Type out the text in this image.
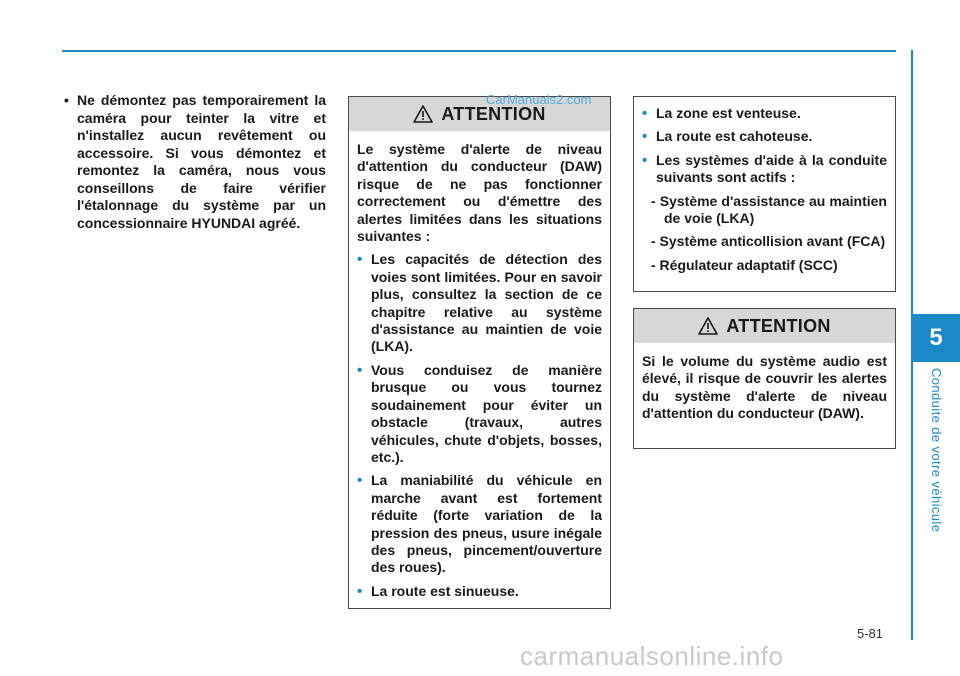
5
Conduite de votre véhicule

• Ne démontez pas temporairement la caméra pour teinter la vitre et n'installez aucun revêtement ou accessoire. Si vous démontez et remontez la caméra, nous vous conseillons de faire vérifier l'étalonnage du système par un concessionnaire HYUNDAI agréé.

ATTENTION

Le système d'alerte de niveau d'attention du conducteur (DAW) risque de ne pas fonctionner correctement ou d'émettre des alertes limitées dans les situations suivantes :

• Les capacités de détection des voies sont limitées. Pour en savoir plus, consultez la section de ce chapitre relative au système d'assistance au maintien de voie (LKA).

• Vous conduisez de manière brusque ou vous tournez soudainement pour éviter un obstacle (travaux, autres véhicules, chute d'objets, bosses, etc.).

• La maniabilité du véhicule en marche avant est fortement réduite (forte variation de la pression des pneus, usure inégale des pneus, pincement/ouverture des roues).

• La route est sinueuse.

• La zone est venteuse.

• La route est cahoteuse.

• Les systèmes d'aide à la conduite suivants sont actifs :

- Système d'assistance au maintien de voie (LKA)

- Système anticollision avant (FCA)

- Régulateur adaptatif (SCC)

ATTENTION

Si le volume du système audio est élevé, il risque de couvrir les alertes du système d'alerte de niveau d'attention du conducteur (DAW).

CarManuals2.com
5-81
carmanualsonline.info
